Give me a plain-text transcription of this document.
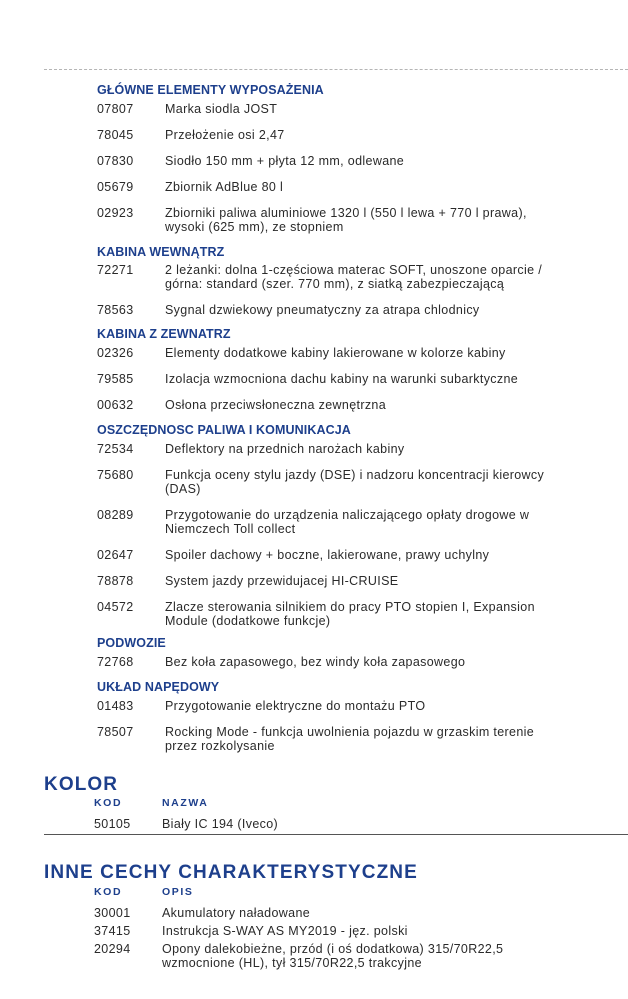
GŁÓWNE ELEMENTY WYPOSAŻENIA
07807	Marka siodla JOST
78045	Przełożenie osi 2,47
07830	Siodło 150 mm + płyta 12 mm, odlewane
05679	Zbiornik AdBlue 80 l
02923	Zbiorniki paliwa aluminiowe 1320 l (550 l lewa + 770 l prawa),
wysoki (625 mm), ze stopniem
KABINA WEWNĄTRZ
72271	2 leżanki: dolna 1-częściowa materac SOFT, unoszone oparcie /
górna: standard (szer. 770 mm), z siatką zabezpieczającą
78563	Sygnal dzwiekowy pneumatyczny za atrapa chlodnicy
KABINA Z ZEWNATRZ
02326	Elementy dodatkowe kabiny lakierowane w kolorze kabiny
79585	Izolacja wzmocniona dachu kabiny na warunki subarktyczne
00632	Osłona przeciwsłoneczna zewnętrzna
OSZCZĘDNOSC PALIWA I KOMUNIKACJA
72534	Deflektory na przednich narożach kabiny
75680	Funkcja oceny stylu jazdy (DSE) i nadzoru koncentracji kierowcy
(DAS)
08289	Przygotowanie do urządzenia naliczającego opłaty drogowe w
Niemczech Toll collect
02647	Spoiler dachowy + boczne, lakierowane, prawy uchylny
78878	System jazdy przewidujacej HI-CRUISE
04572	Zlacze sterowania silnikiem do pracy PTO stopien I, Expansion
Module (dodatkowe funkcje)
PODWOZIE
72768	Bez koła zapasowego, bez windy koła zapasowego
UKŁAD NAPĘDOWY
01483	Przygotowanie elektryczne do montażu PTO
78507	Rocking Mode - funkcja uwolnienia pojazdu w grzaskim terenie
przez rozkolysanie
KOLOR
KOD	NAZWA
50105	Biały IC 194 (Iveco)
INNE CECHY CHARAKTERYSTYCZNE
KOD	OPIS
30001	Akumulatory naładowane
37415	Instrukcja S-WAY AS MY2019 - jęz. polski
20294	Opony dalekobieżne, przód (i oś dodatkowa) 315/70R22,5
wzmocnione (HL), tył 315/70R22,5 trakcyjne
